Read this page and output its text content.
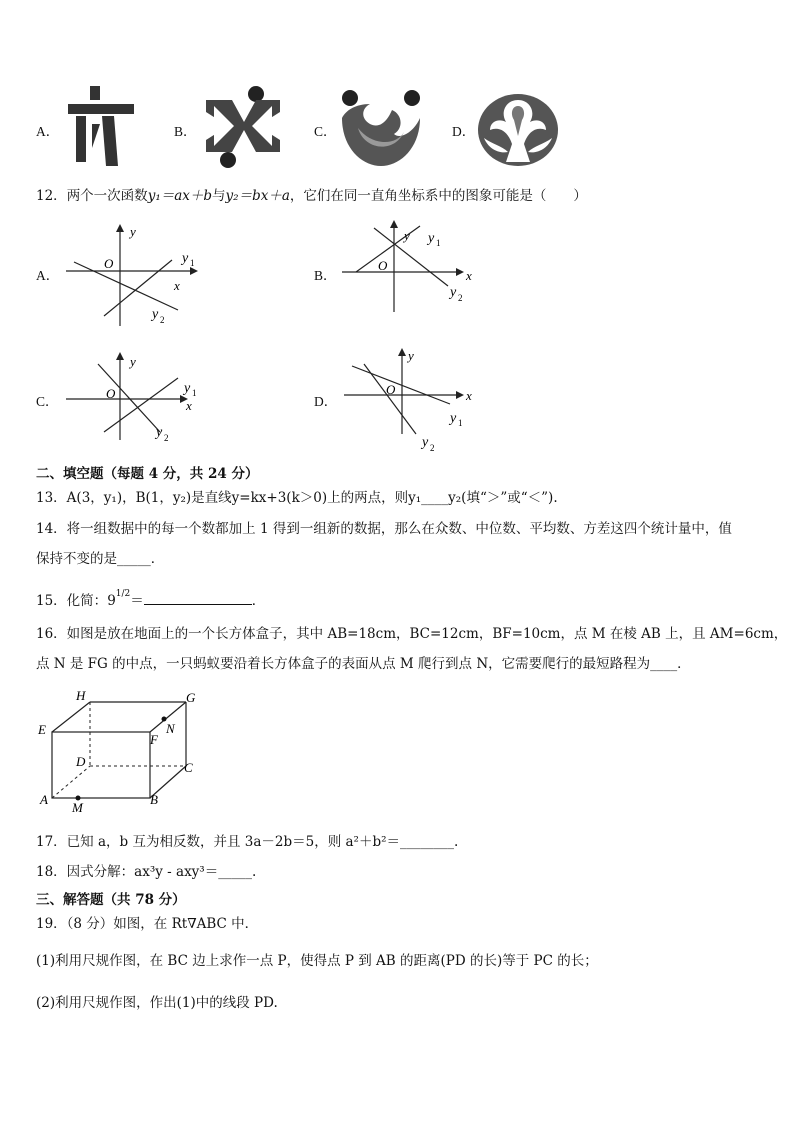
A．	B．	C．	D．
12．两个一次函数y₁＝ax＋b与y₂＝bx＋a，它们在同一直角坐标系中的图象可能是（　　）
A．
y
O
x
y 1
y 2
B．
y
O
x
y 1
y 2
C．
y
O
x
y 1
y 2
D．
y
O	x
y 1
y 2
二、填空题（每题 4 分，共 24 分）
13．A(3，y₁)，B(1，y₂)是直线y=kx+3(k＞0)上的两点，则y₁____y₂(填“＞”或“＜”).
14．将一组数据中的每一个数都加上 1 得到一组新的数据，那么在众数、中位数、平均数、方差这四个统计量中，值
保持不变的是_____．
15．化简：$9^{1/2}=$	．
16．如图是放在地面上的一个长方体盒子，其中 AB=18cm，BC=12cm，BF=10cm，点 M 在棱 AB 上，且 AM=6cm，
点 N 是 FG 的中点，一只蚂蚁要沿着长方体盒子的表面从点 M 爬行到点 N，它需要爬行的最短路程为____．
H	G
E	N
F
D	C
A
M
B
17．已知 a，b 互为相反数，并且 3a－2b＝5，则 a²＋b²＝________.
18．因式分解：ax³y - axy³＝_____.
三、解答题（共 78 分）
19．（8 分）如图，在 Rt∇ABC 中．
(1)利用尺规作图，在 BC 边上求作一点 P，使得点 P 到 AB 的距离(PD 的长)等于 PC 的长；
(2)利用尺规作图，作出(1)中的线段 PD.
